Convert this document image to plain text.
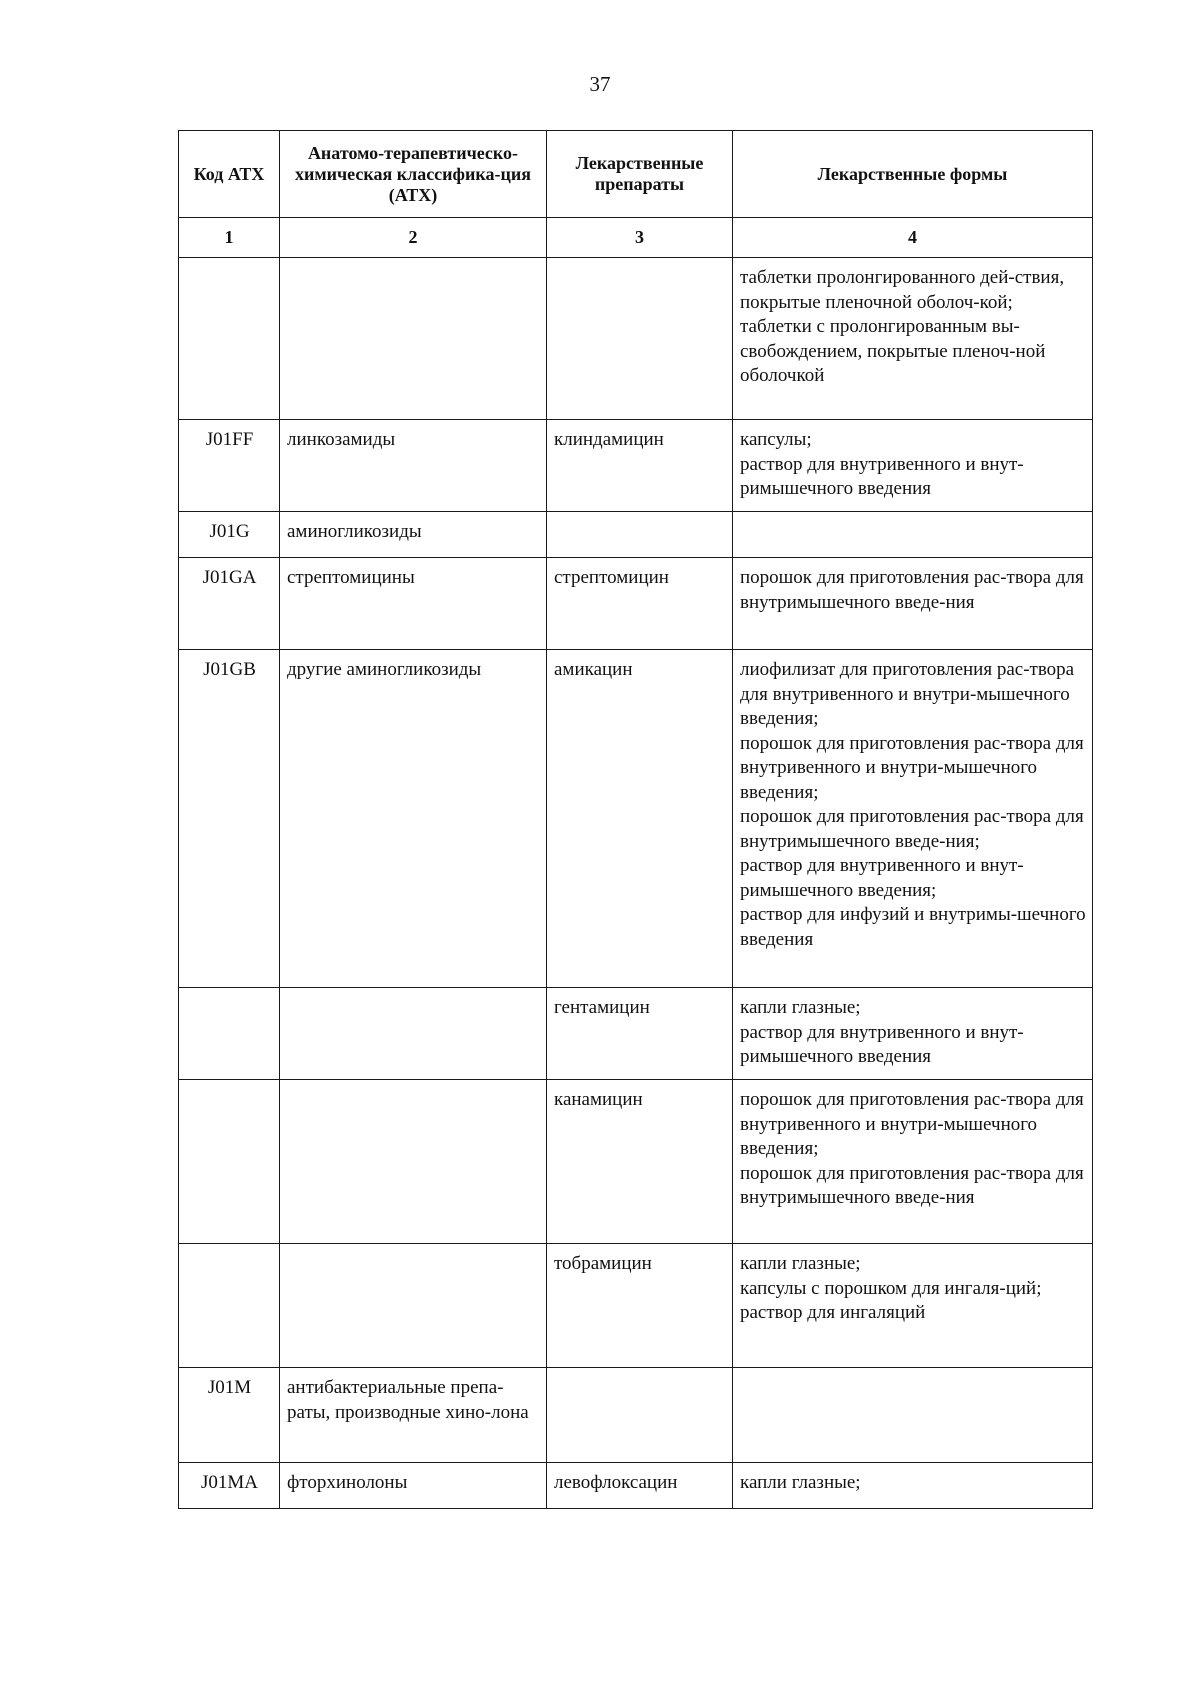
37
Код АТХ	Анатомо-терапевтическо-химическая классифика-ция (АТХ)	Лекарственные препараты	Лекарственные формы
1	2	3	4
			таблетки пролонгированного дей-ствия, покрытые пленочной оболоч-кой;
таблетки с пролонгированным вы-свобождением, покрытые пленоч-ной оболочкой
J01FF	линкозамиды	клиндамицин	капсулы;
раствор для внутривенного и внут-римышечного введения
J01G	аминогликозиды		
J01GA	стрептомицины	стрептомицин	порошок для приготовления рас-твора для внутримышечного введе-ния
J01GB	другие аминогликозиды	амикацин	лиофилизат для приготовления рас-твора для внутривенного и внутри-мышечного введения;
порошок для приготовления рас-твора для внутривенного и внутри-мышечного введения;
порошок для приготовления рас-твора для внутримышечного введе-ния;
раствор для внутривенного и внут-римышечного введения;
раствор для инфузий и внутримы-шечного введения
		гентамицин	капли глазные;
раствор для внутривенного и внут-римышечного введения
		канамицин	порошок для приготовления рас-твора для внутривенного и внутри-мышечного введения;
порошок для приготовления рас-твора для внутримышечного введе-ния
		тобрамицин	капли глазные;
капсулы с порошком для ингаля-ций;
раствор для ингаляций
J01M	антибактериальные препа-раты, производные хино-лона		
J01MA	фторхинолоны	левофлоксацин	капли глазные;
